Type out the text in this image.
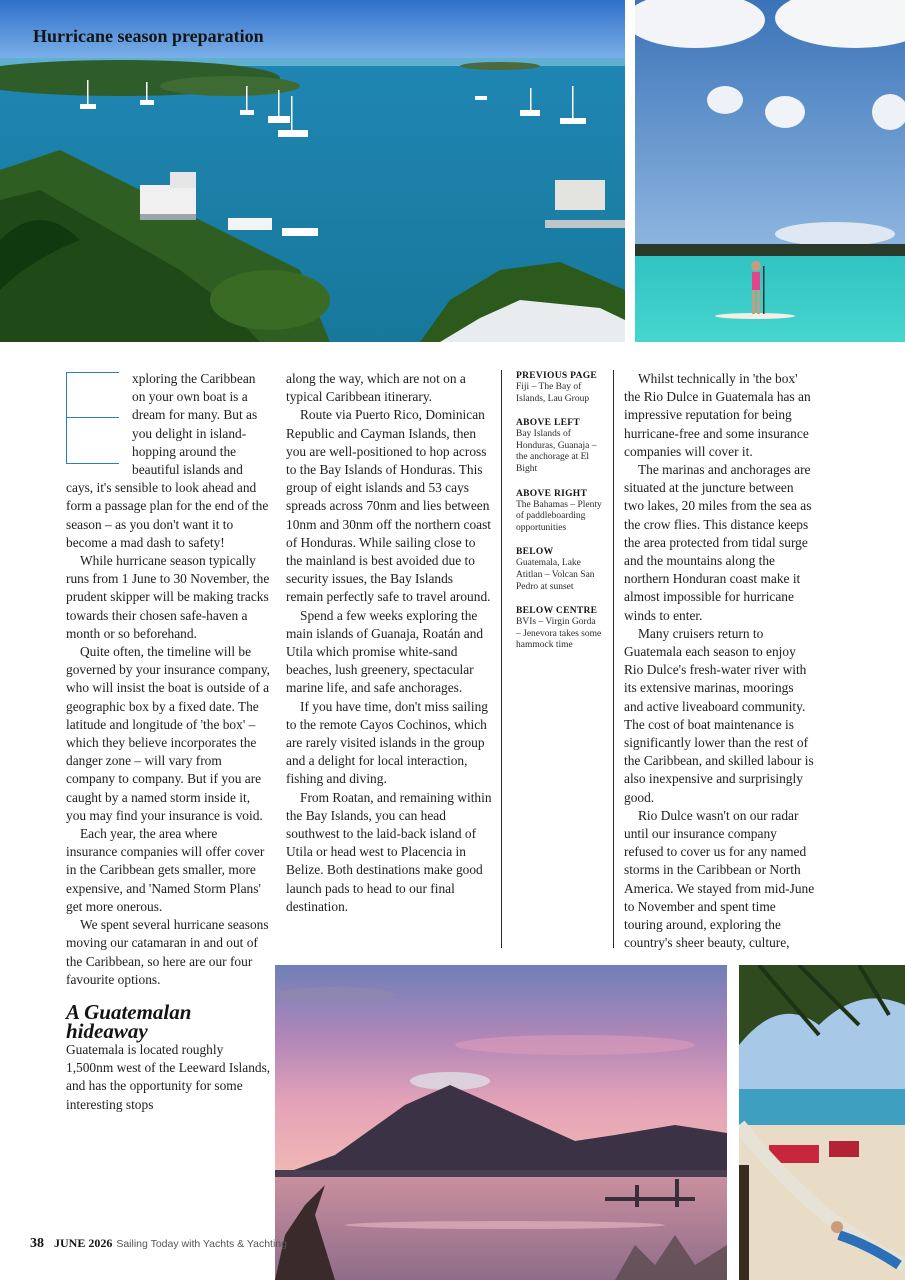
Hurricane season preparation

xploring the Caribbean on your own boat is a dream for many. But as you delight in island-hopping around the beautiful islands and cays, it's sensible to look ahead and form a passage plan for the end of the season – as you don't want it to become a mad dash to safety!

While hurricane season typically runs from 1 June to 30 November, the prudent skipper will be making tracks towards their chosen safe-haven a month or so beforehand.

Quite often, the timeline will be governed by your insurance company, who will insist the boat is outside of a geographic box by a fixed date. The latitude and longitude of 'the box' – which they believe incorporates the danger zone – will vary from company to company. But if you are caught by a named storm inside it, you may find your insurance is void.

Each year, the area where insurance companies will offer cover in the Caribbean gets smaller, more expensive, and 'Named Storm Plans' get more onerous.

We spent several hurricane seasons moving our catamaran in and out of the Caribbean, so here are our four favourite options.

A Guatemalan hideaway

Guatemala is located roughly 1,500nm west of the Leeward Islands, and has the opportunity for some interesting stops

along the way, which are not on a typical Caribbean itinerary.

Route via Puerto Rico, Dominican Republic and Cayman Islands, then you are well-positioned to hop across to the Bay Islands of Honduras. This group of eight islands and 53 cays spreads across 70nm and lies between 10nm and 30nm off the northern coast of Honduras. While sailing close to the mainland is best avoided due to security issues, the Bay Islands remain perfectly safe to travel around.

Spend a few weeks exploring the main islands of Guanaja, Roatán and Utila which promise white-sand beaches, lush greenery, spectacular marine life, and safe anchorages.

If you have time, don't miss sailing to the remote Cayos Cochinos, which are rarely visited islands in the group and a delight for local interaction, fishing and diving.

From Roatan, and remaining within the Bay Islands, you can head southwest to the laid-back island of Utila or head west to Placencia in Belize. Both destinations make good launch pads to head to our final destination.

PREVIOUS PAGE
Fiji – The Bay of Islands, Lau Group
ABOVE LEFT
Bay Islands of Honduras, Guanaja – the anchorage at El Bight
ABOVE RIGHT
The Bahamas – Plenty of paddleboarding opportunities
BELOW
Guatemala, Lake Atitlan – Volcan San Pedro at sunset
BELOW CENTRE
BVIs – Virgin Gorda – Jenevora takes some hammock time

Whilst technically in 'the box' the Rio Dulce in Guatemala has an impressive reputation for being hurricane-free and some insurance companies will cover it.

The marinas and anchorages are situated at the juncture between two lakes, 20 miles from the sea as the crow flies. This distance keeps the area protected from tidal surge and the mountains along the northern Honduran coast make it almost impossible for hurricane winds to enter.

Many cruisers return to Guatemala each season to enjoy Rio Dulce's fresh-water river with its extensive marinas, moorings and active liveaboard community. The cost of boat maintenance is significantly lower than the rest of the Caribbean, and skilled labour is also inexpensive and surprisingly good.

Rio Dulce wasn't on our radar until our insurance company refused to cover us for any named storms in the Caribbean or North America. We stayed from mid-June to November and spent time touring around, exploring the country's sheer beauty, culture,

38 JUNE 2026 Sailing Today with Yachts & Yachting
